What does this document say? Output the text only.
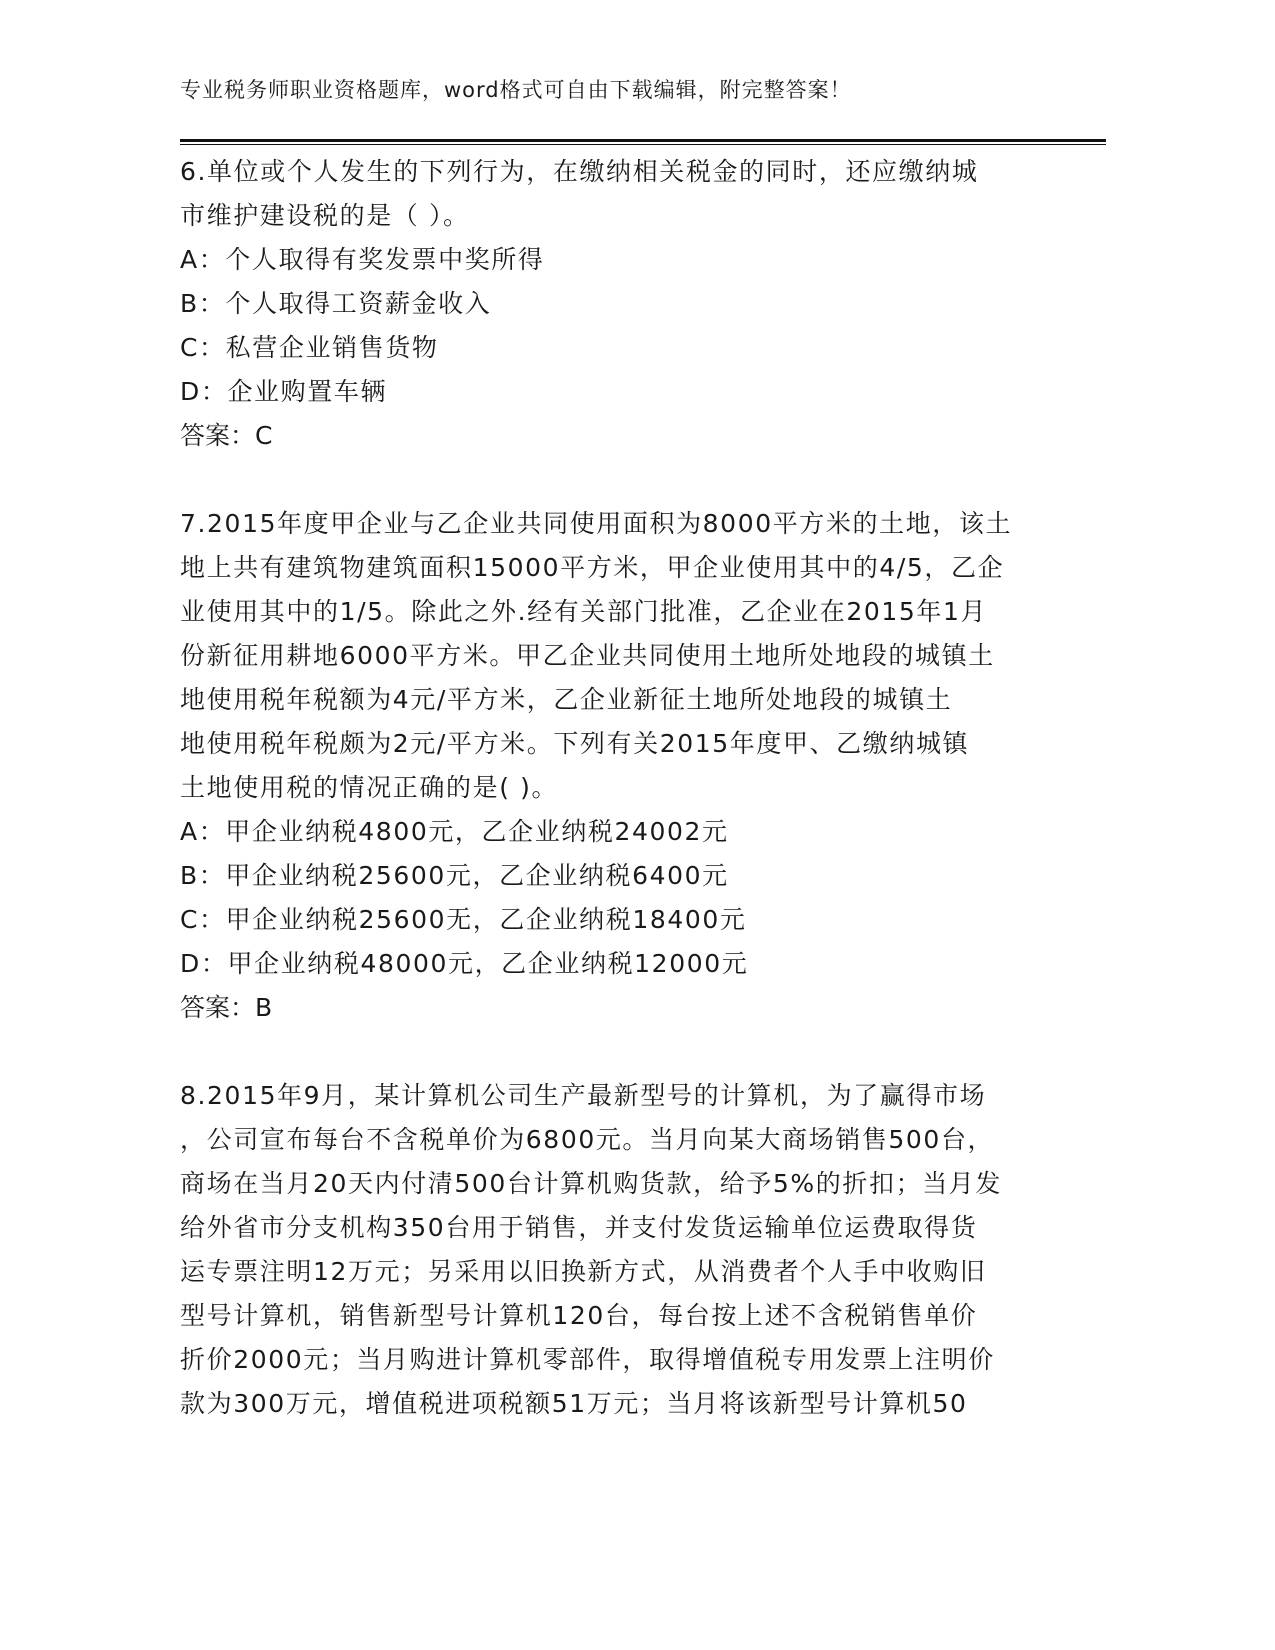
专业税务师职业资格题库，word格式可自由下载编辑，附完整答案！
6.单位或个人发生的下列行为，在缴纳相关税金的同时，还应缴纳城
市维护建设税的是（ ）。
A：个人取得有奖发票中奖所得
B：个人取得工资薪金收入
C：私营企业销售货物
D：企业购置车辆
答案：C
7.2015年度甲企业与乙企业共同使用面积为8000平方米的土地，该土
地上共有建筑物建筑面积15000平方米，甲企业使用其中的4/5，乙企
业使用其中的1/5。除此之外.经有关部门批准，乙企业在2015年1月
份新征用耕地6000平方米。甲乙企业共同使用土地所处地段的城镇土
地使用税年税额为4元/平方米，乙企业新征土地所处地段的城镇土
地使用税年税颇为2元/平方米。下列有关2015年度甲、乙缴纳城镇
土地使用税的情况正确的是( )。
A：甲企业纳税4800元，乙企业纳税24002元
B：甲企业纳税25600元，乙企业纳税6400元
C：甲企业纳税25600无，乙企业纳税18400元
D：甲企业纳税48000元，乙企业纳税12000元
答案：B
8.2015年9月，某计算机公司生产最新型号的计算机，为了赢得市场
，公司宣布每台不含税单价为6800元。当月向某大商场销售500台，
商场在当月20天内付清500台计算机购货款，给予5%的折扣；当月发
给外省市分支机构350台用于销售，并支付发货运输单位运费取得货
运专票注明12万元；另采用以旧换新方式，从消费者个人手中收购旧
型号计算机，销售新型号计算机120台，每台按上述不含税销售单价
折价2000元；当月购进计算机零部件，取得增值税专用发票上注明价
款为300万元，增值税进项税额51万元；当月将该新型号计算机50
